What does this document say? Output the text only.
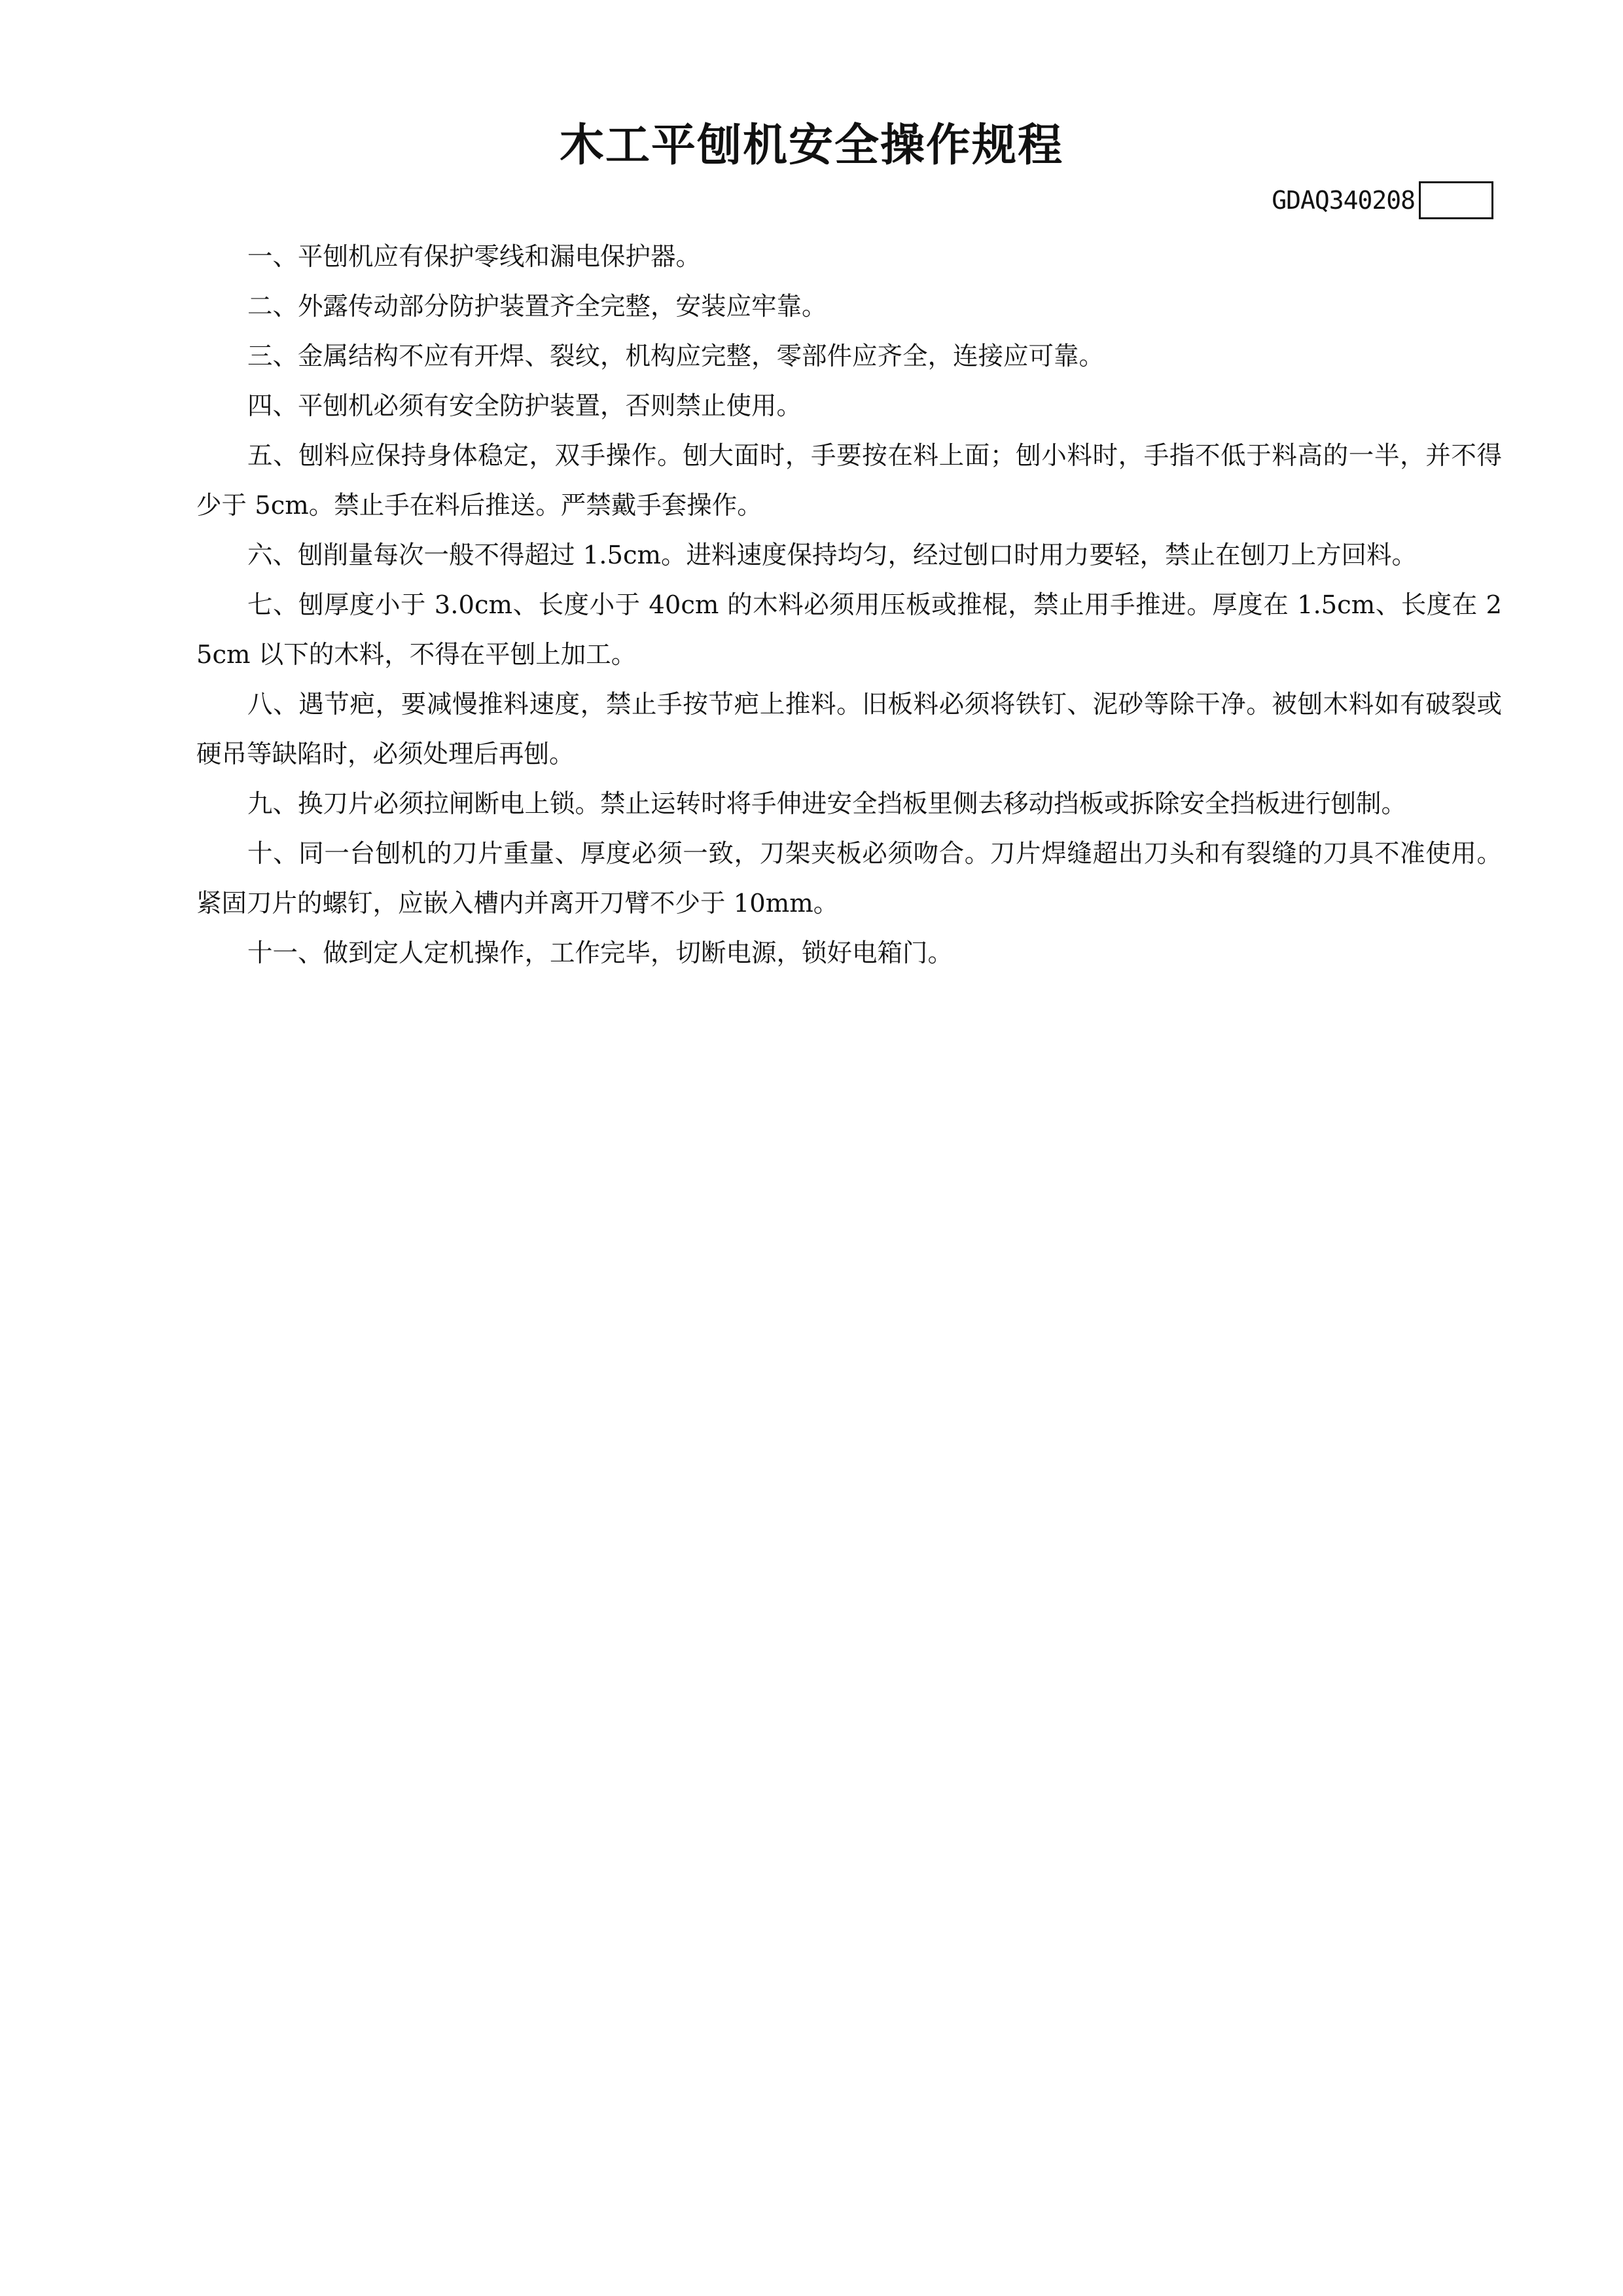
木工平刨机安全操作规程
GDAQ340208

一、平刨机应有保护零线和漏电保护器。

二、外露传动部分防护装置齐全完整，安装应牢靠。

三、金属结构不应有开焊、裂纹，机构应完整，零部件应齐全，连接应可靠。

四、平刨机必须有安全防护装置，否则禁止使用。

五、刨料应保持身体稳定，双手操作。刨大面时，手要按在料上面；刨小料时，手指不低于料高的一半，并不得少于 5cm。禁止手在料后推送。严禁戴手套操作。

六、刨削量每次一般不得超过 1.5cm。进料速度保持均匀，经过刨口时用力要轻，禁止在刨刀上方回料。

七、刨厚度小于 3.0cm、长度小于 40cm 的木料必须用压板或推棍，禁止用手推进。厚度在 1.5cm、长度在 25cm 以下的木料，不得在平刨上加工。

八、遇节疤，要减慢推料速度，禁止手按节疤上推料。旧板料必须将铁钉、泥砂等除干净。被刨木料如有破裂或硬吊等缺陷时，必须处理后再刨。

九、换刀片必须拉闸断电上锁。禁止运转时将手伸进安全挡板里侧去移动挡板或拆除安全挡板进行刨制。

十、同一台刨机的刀片重量、厚度必须一致，刀架夹板必须吻合。刀片焊缝超出刀头和有裂缝的刀具不准使用。紧固刀片的螺钉，应嵌入槽内并离开刀臂不少于 10mm。

十一、做到定人定机操作，工作完毕，切断电源，锁好电箱门。
